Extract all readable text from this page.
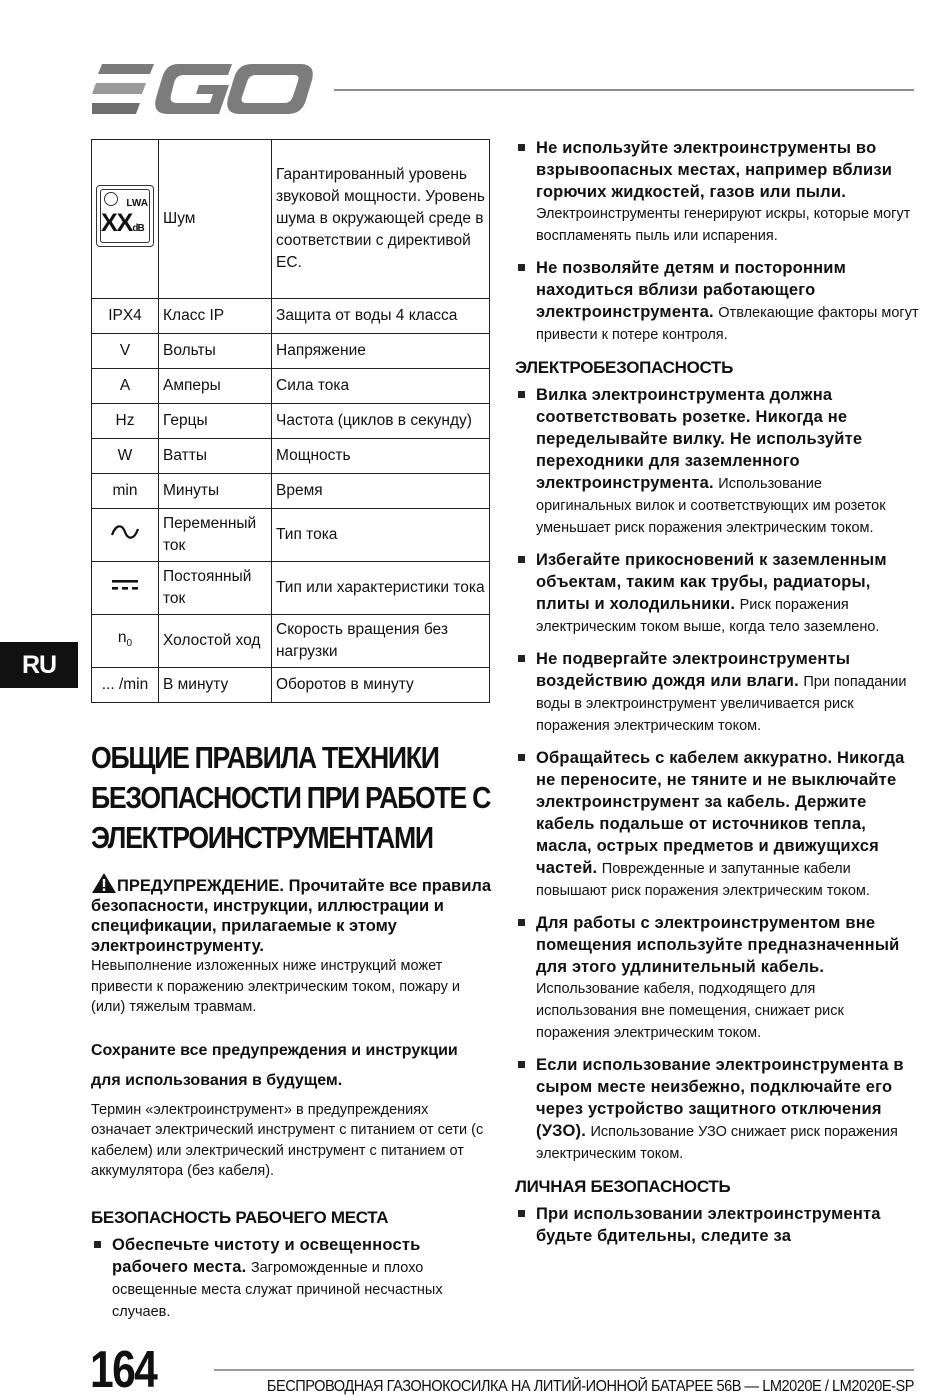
RU
LWA
XXdB	Шум	Гарантированный уровень звуковой мощности. Уровень шума в окружающей среде в соответствии с директивой ЕС.
IPX4	Класс IP	Защита от воды 4 класса
V	Вольты	Напряжение
A	Амперы	Сила тока
Hz	Герцы	Частота (циклов в секунду)
W	Ватты	Мощность
min	Минуты	Время
	Переменный ток	Тип тока
	Постоянный ток	Тип или характеристики тока
$n_0$	Холостой ход	Скорость вращения без нагрузки
... /min	В минуту	Оборотов в минуту
ОБЩИЕ ПРАВИЛА ТЕХНИКИ БЕЗОПАСНОСТИ ПРИ РАБОТЕ С ЭЛЕКТРОИНСТРУМЕНТАМИ
ПРЕДУПРЕЖДЕНИЕ. Прочитайте все правила безопасности, инструкции, иллюстрации и спецификации, прилагаемые к этому электроинструменту.
Невыполнение изложенных ниже инструкций может привести к поражению электрическим током, пожару и (или) тяжелым травмам.
Сохраните все предупреждения и инструкции для использования в будущем.
Термин «электроинструмент» в предупреждениях означает электрический инструмент с питанием от сети (с кабелем) или электрический инструмент с питанием от аккумулятора (без кабеля).
БЕЗОПАСНОСТЬ РАБОЧЕГО МЕСТА
Обеспечьте чистоту и освещенность рабочего места. Загроможденные и плохо освещенные места служат причиной несчастных случаев.
Не используйте электроинструменты во взрывоопасных местах, например вблизи горючих жидкостей, газов или пыли. Электроинструменты генерируют искры, которые могут воспламенять пыль или испарения.
Не позволяйте детям и посторонним находиться вблизи работающего электроинструмента. Отвлекающие факторы могут привести к потере контроля.
ЭЛЕКТРОБЕЗОПАСНОСТЬ
Вилка электроинструмента должна соответствовать розетке. Никогда не переделывайте вилку. Не используйте переходники для заземленного электроинструмента. Использование оригинальных вилок и соответствующих им розеток уменьшает риск поражения электрическим током.
Избегайте прикосновений к заземленным объектам, таким как трубы, радиаторы, плиты и холодильники. Риск поражения электрическим током выше, когда тело заземлено.
Не подвергайте электроинструменты воздействию дождя или влаги. При попадании воды в электроинструмент увеличивается риск поражения электрическим током.
Обращайтесь с кабелем аккуратно. Никогда не переносите, не тяните и не выключайте электроинструмент за кабель. Держите кабель подальше от источников тепла, масла, острых предметов и движущихся частей. Поврежденные и запутанные кабели повышают риск поражения электрическим током.
Для работы с электроинструментом вне помещения используйте предназначенный для этого удлинительный кабель. Использование кабеля, подходящего для использования вне помещения, снижает риск поражения электрическим током.
Если использование электроинструмента в сыром месте неизбежно, подключайте его через устройство защитного отключения (УЗО). Использование УЗО снижает риск поражения электрическим током.
ЛИЧНАЯ БЕЗОПАСНОСТЬ
При использовании электроинструмента будьте бдительны, следите за
164	БЕСПРОВОДНАЯ ГАЗОНОКОСИЛКА НА ЛИТИЙ-ИОННОЙ БАТАРЕЕ 56В — LM2020E / LM2020E-SP
